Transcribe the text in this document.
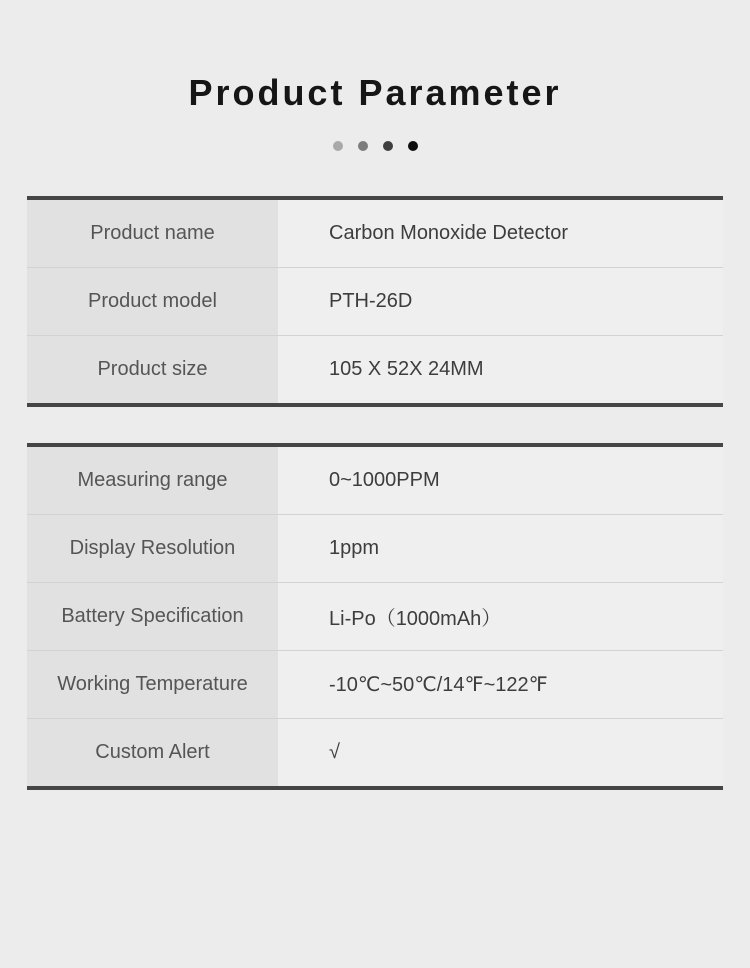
Product Parameter
Product name	Carbon Monoxide Detector
Product model	PTH-26D
Product size	105 X 52X 24MM
Measuring range	0~1000PPM
Display Resolution	1ppm
Battery Specification	Li-Po（1000mAh）
Working Temperature	-10℃~50℃/14℉~122℉
Custom Alert	√
